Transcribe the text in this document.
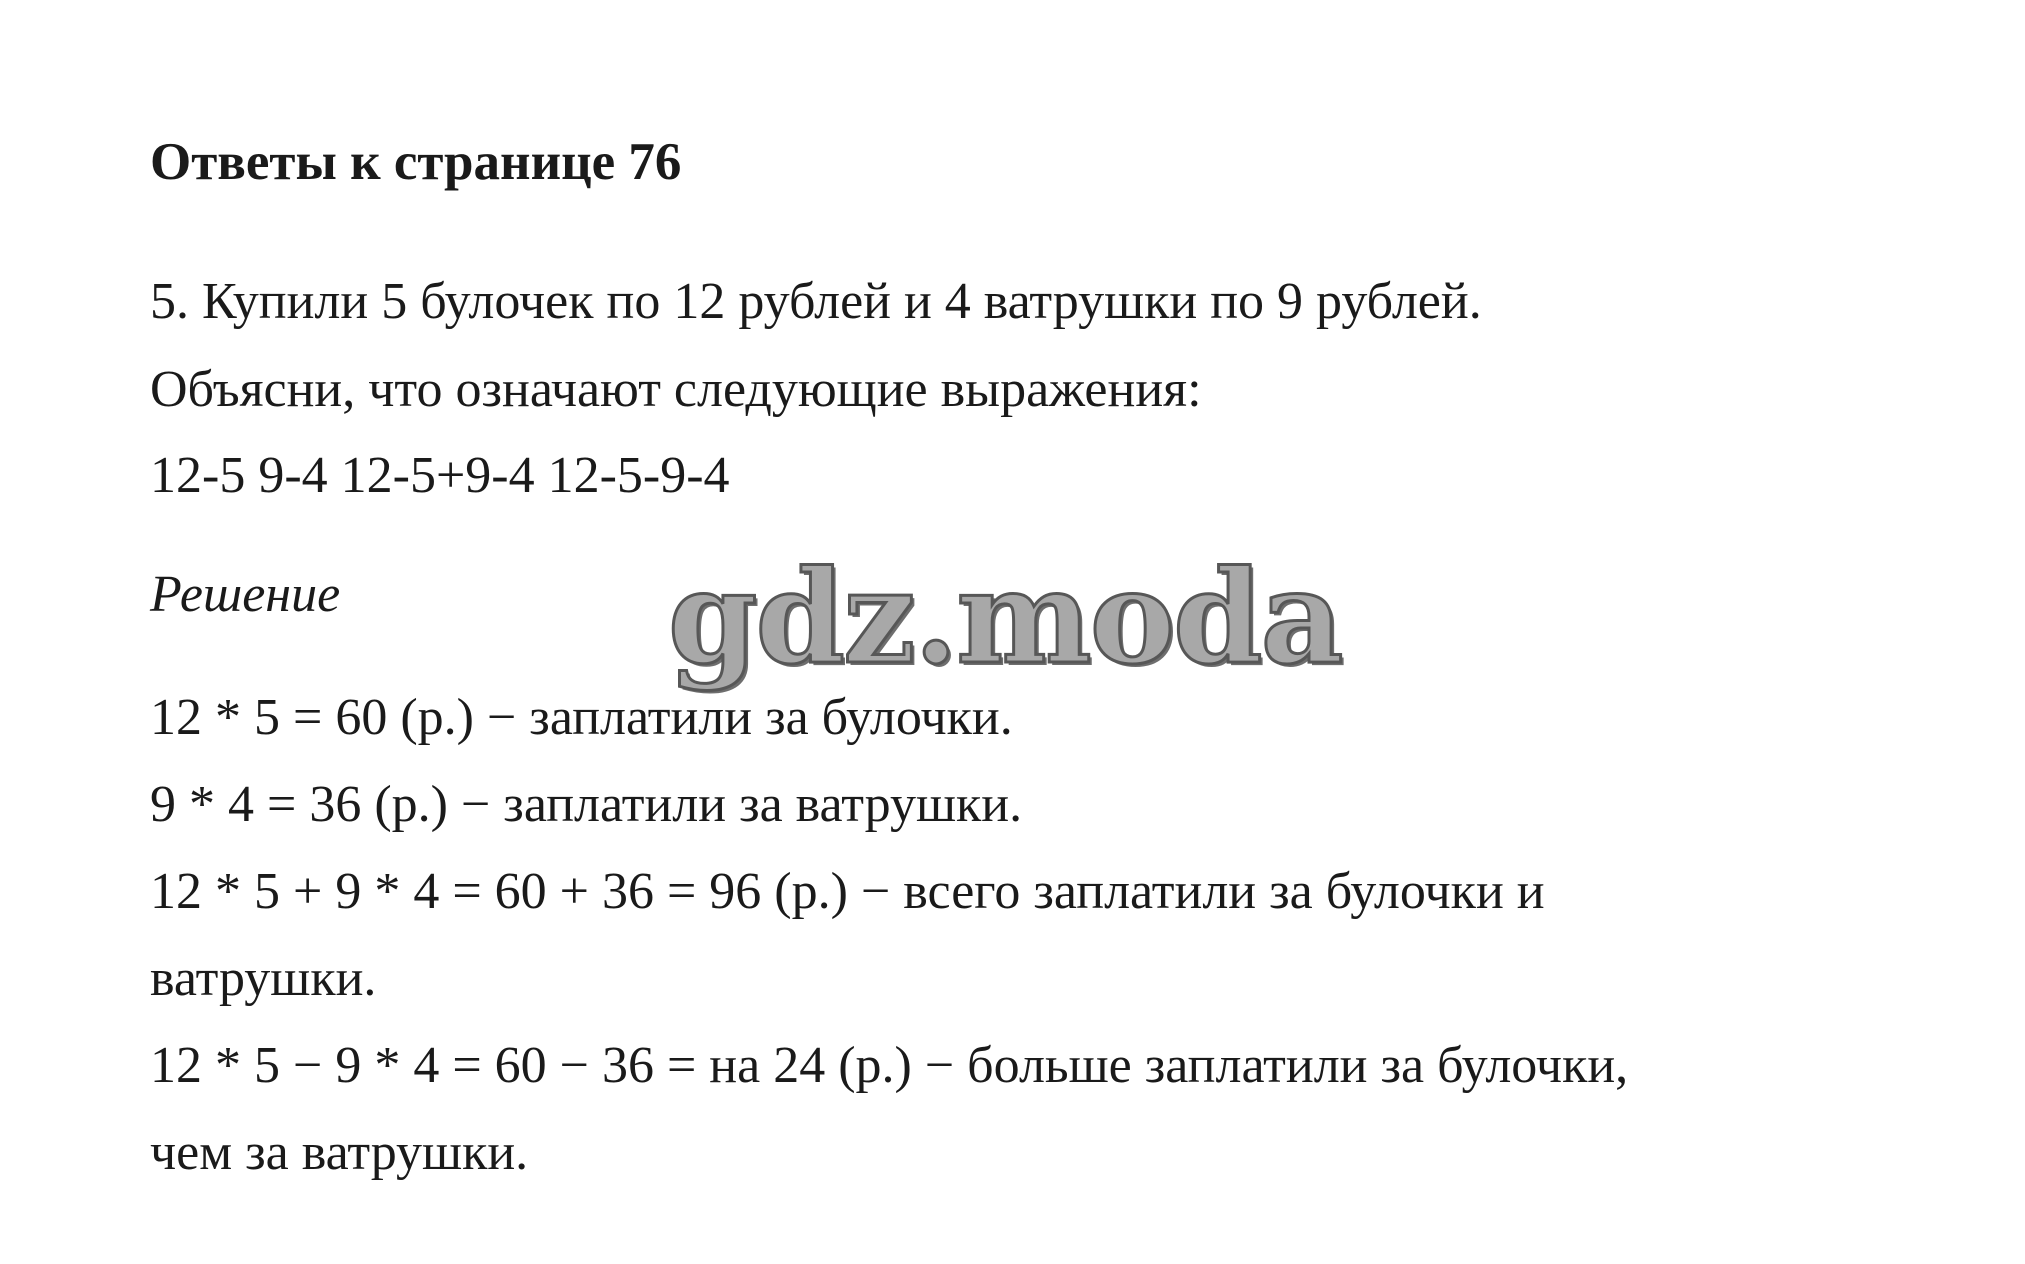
Ответы к странице 76

5. Купили 5 булочек по 12 рублей и 4 ватрушки по 9 рублей.

Объясни, что означают следующие выражения:

12-5 9-4 12-5+9-4 12-5-9-4

Решение	gdz.moda

12 * 5 = 60 (р.) − заплатили за булочки.

9 * 4 = 36 (р.) − заплатили за ватрушки.

12 * 5 + 9 * 4 = 60 + 36 = 96 (р.) − всего заплатили за булочки и

ватрушки.

12 * 5 − 9 * 4 = 60 − 36 = на 24 (р.) − больше заплатили за булочки,

чем за ватрушки.
